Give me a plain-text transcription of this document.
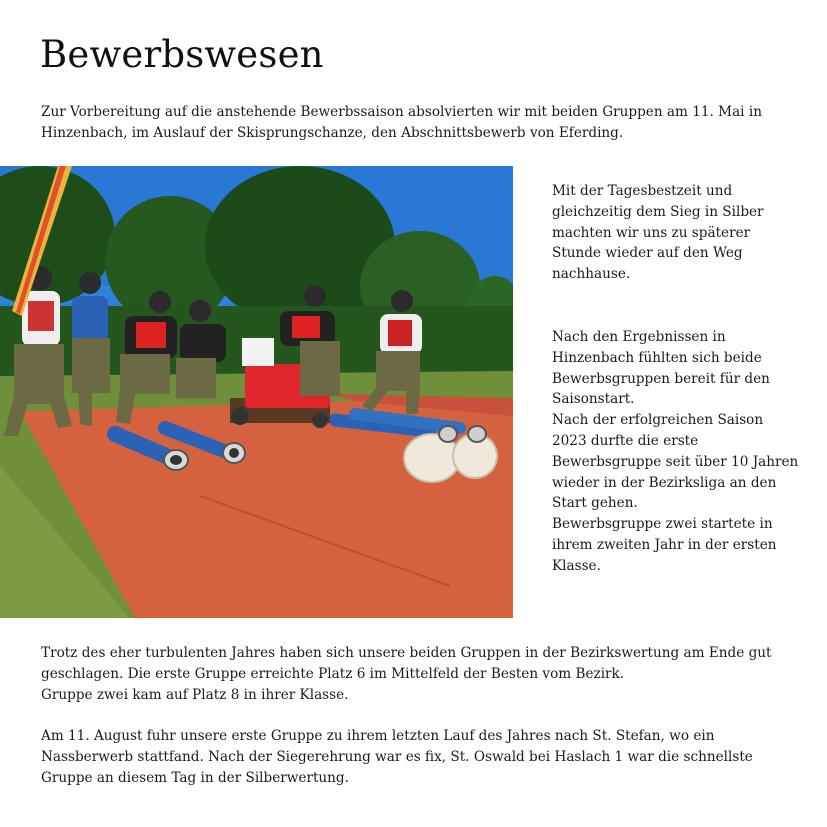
Bewerbswesen

Zur Vorbereitung auf die anstehende Bewerbssaison absolvierten wir mit beiden Gruppen am 11. Mai in Hinzenbach, im Auslauf der Skisprungschanze, den Abschnittsbewerb von Eferding.

Mit der Tagesbestzeit und gleichzeitig dem Sieg in Silber machten wir uns zu späterer Stunde wieder auf den Weg nachhause.

Nach den Ergebnissen in Hinzenbach fühlten sich beide Bewerbsgruppen bereit für den Saisonstart.
Nach der erfolgreichen Saison 2023 durfte die erste Bewerbsgruppe seit über 10 Jahren wieder in der Bezirksliga an den Start gehen.
Bewerbsgruppe zwei startete in ihrem zweiten Jahr in der ersten Klasse.
Trotz des eher turbulenten Jahres haben sich unsere beiden Gruppen in der Bezirkswertung am Ende gut geschlagen. Die erste Gruppe erreichte Platz 6 im Mittelfeld der Besten vom Bezirk.
Gruppe zwei kam auf Platz 8 in ihrer Klasse.

Am 11. August fuhr unsere erste Gruppe zu ihrem letzten Lauf des Jahres nach St. Stefan, wo ein Nassberwerb stattfand. Nach der Siegerehrung war es fix, St. Oswald bei Haslach 1 war die schnellste Gruppe an diesem Tag in der Silberwertung.
